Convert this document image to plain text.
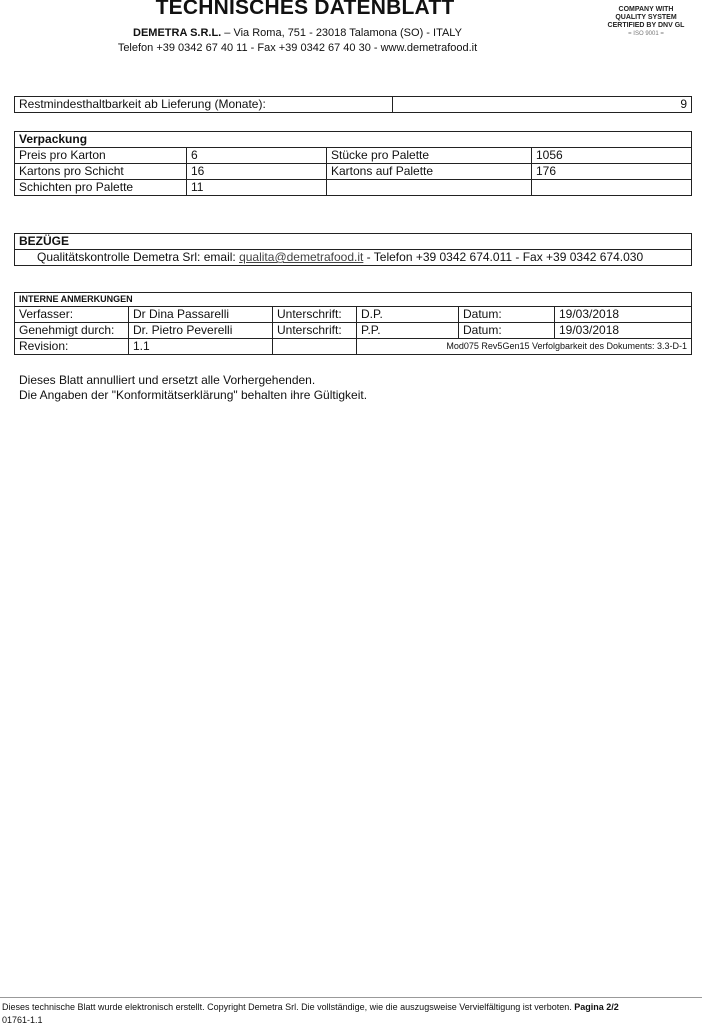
TECHNISCHES DATENBLATT
DEMETRA S.R.L. – Via Roma, 751 - 23018 Talamona (SO) - ITALY
Telefon +39 0342 67 40 11 - Fax +39 0342 67 40 30 - www.demetrafood.it
COMPANY WITH
QUALITY SYSTEM
CERTIFIED BY DNV GL
= ISO 9001 =
Restmindesthaltbarkeit ab Lieferung (Monate):	9
Verpackung			
Preis pro Karton	6	Stücke pro Palette	1056
Kartons pro Schicht	16	Kartons auf Palette	176
Schichten pro Palette	11		
BEZÜGE
Qualitätskontrolle Demetra Srl: email: qualita@demetrafood.it - Telefon +39 0342 674.011 - Fax +39 0342 674.030
INTERNE ANMERKUNGEN					
Verfasser:	Dr Dina Passarelli	Unterschrift:	D.P.	Datum:	19/03/2018
Genehmigt durch:	Dr. Pietro Peverelli	Unterschrift:	P.P.	Datum:	19/03/2018
Revision:	1.1		Mod075 Rev5Gen15 Verfolgbarkeit des Dokuments: 3.3-D-1		
Dieses Blatt annulliert und ersetzt alle Vorhergehenden.
Die Angaben der "Konformitätserklärung" behalten ihre Gültigkeit.
Dieses technische Blatt wurde elektronisch erstellt. Copyright Demetra Srl. Die vollständige, wie die auszugsweise Vervielfältigung ist verboten. Pagina 2/2
01761-1.1
